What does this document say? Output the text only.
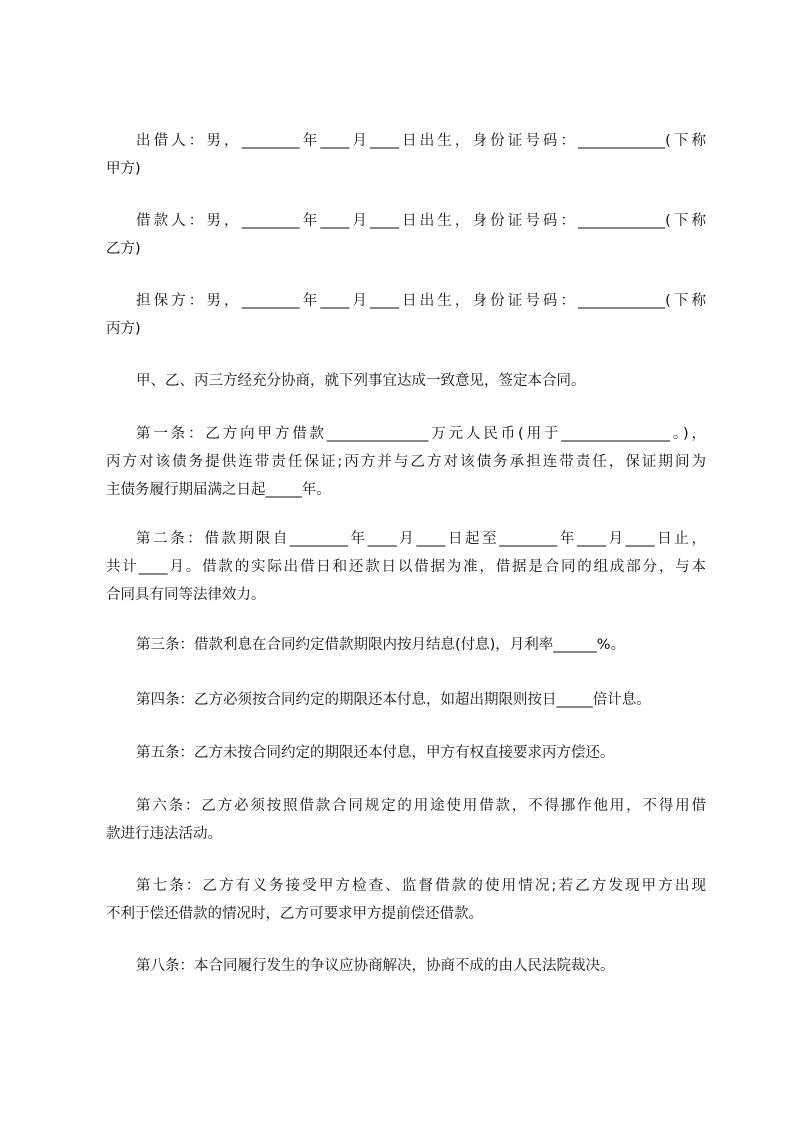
出借人：男，________年____月____日出生，身份证号码：____________(下称
甲方)
借款人：男，________年____月____日出生，身份证号码：____________(下称
乙方)
担保方：男，________年____月____日出生，身份证号码：____________(下称
丙方)
甲、乙、丙三方经充分协商，就下列事宜达成一致意见，签定本合同。
第一条：乙方向甲方借款______________万元人民币(用于_______________。)，
丙方对该债务提供连带责任保证;丙方并与乙方对该债务承担连带责任，保证期间为
主债务履行期届满之日起_____年。
第二条：借款期限自________年____月____日起至________年____月____日止，
共计____月。借款的实际出借日和还款日以借据为准，借据是合同的组成部分，与本
合同具有同等法律效力。
第三条：借款利息在合同约定借款期限内按月结息(付息)，月利率______%。
第四条：乙方必须按合同约定的期限还本付息，如超出期限则按日_____倍计息。
第五条：乙方未按合同约定的期限还本付息，甲方有权直接要求丙方偿还。
第六条：乙方必须按照借款合同规定的用途使用借款，不得挪作他用，不得用借
款进行违法活动。
第七条：乙方有义务接受甲方检查、监督借款的使用情况;若乙方发现甲方出现
不利于偿还借款的情况时，乙方可要求甲方提前偿还借款。
第八条：本合同履行发生的争议应协商解决，协商不成的由人民法院裁决。
